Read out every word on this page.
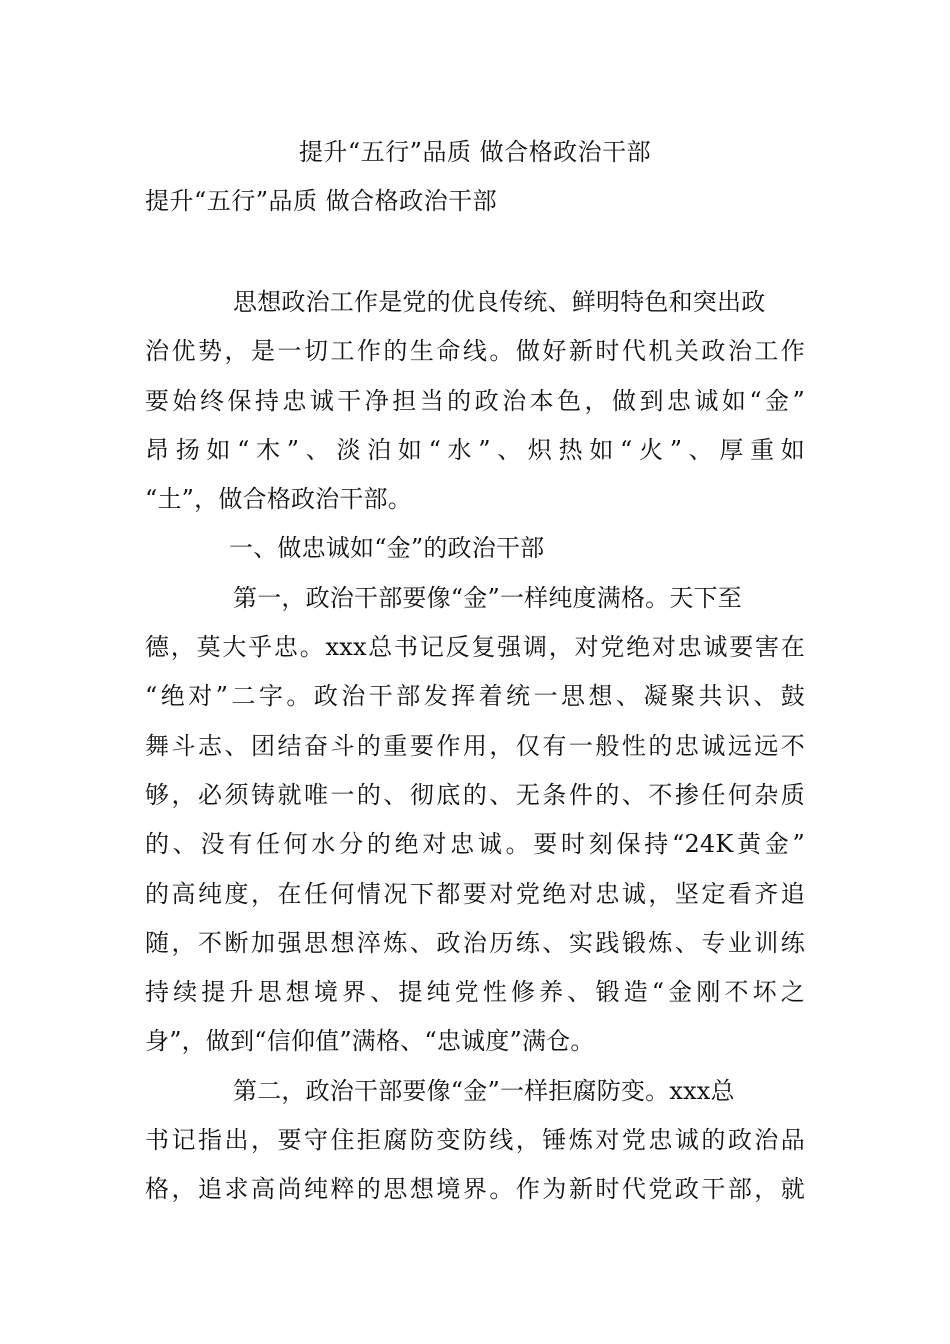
提升“五行”品质 做合格政治干部
提升“五行”品质 做合格政治干部
思想政治工作是党的优良传统、鲜明特色和突出政
治优势，是一切工作的生命线。做好新时代机关政治工作
要始终保持忠诚干净担当的政治本色，做到忠诚如“金”
昂扬如“木”、淡泊如“水”、炽热如“火”、厚重如
“土”，做合格政治干部。
一、做忠诚如“金”的政治干部
第一，政治干部要像“金”一样纯度满格。天下至
德，莫大乎忠。xxx总书记反复强调，对党绝对忠诚要害在
“绝对”二字。政治干部发挥着统一思想、凝聚共识、鼓
舞斗志、团结奋斗的重要作用，仅有一般性的忠诚远远不
够，必须铸就唯一的、彻底的、无条件的、不掺任何杂质
的、没有任何水分的绝对忠诚。要时刻保持“24K黄金”
的高纯度，在任何情况下都要对党绝对忠诚，坚定看齐追
随，不断加强思想淬炼、政治历练、实践锻炼、专业训练
持续提升思想境界、提纯党性修养、锻造“金刚不坏之
身”，做到“信仰值”满格、“忠诚度”满仓。
第二，政治干部要像“金”一样拒腐防变。xxx总
书记指出，要守住拒腐防变防线，锤炼对党忠诚的政治品
格，追求高尚纯粹的思想境界。作为新时代党政干部，就
